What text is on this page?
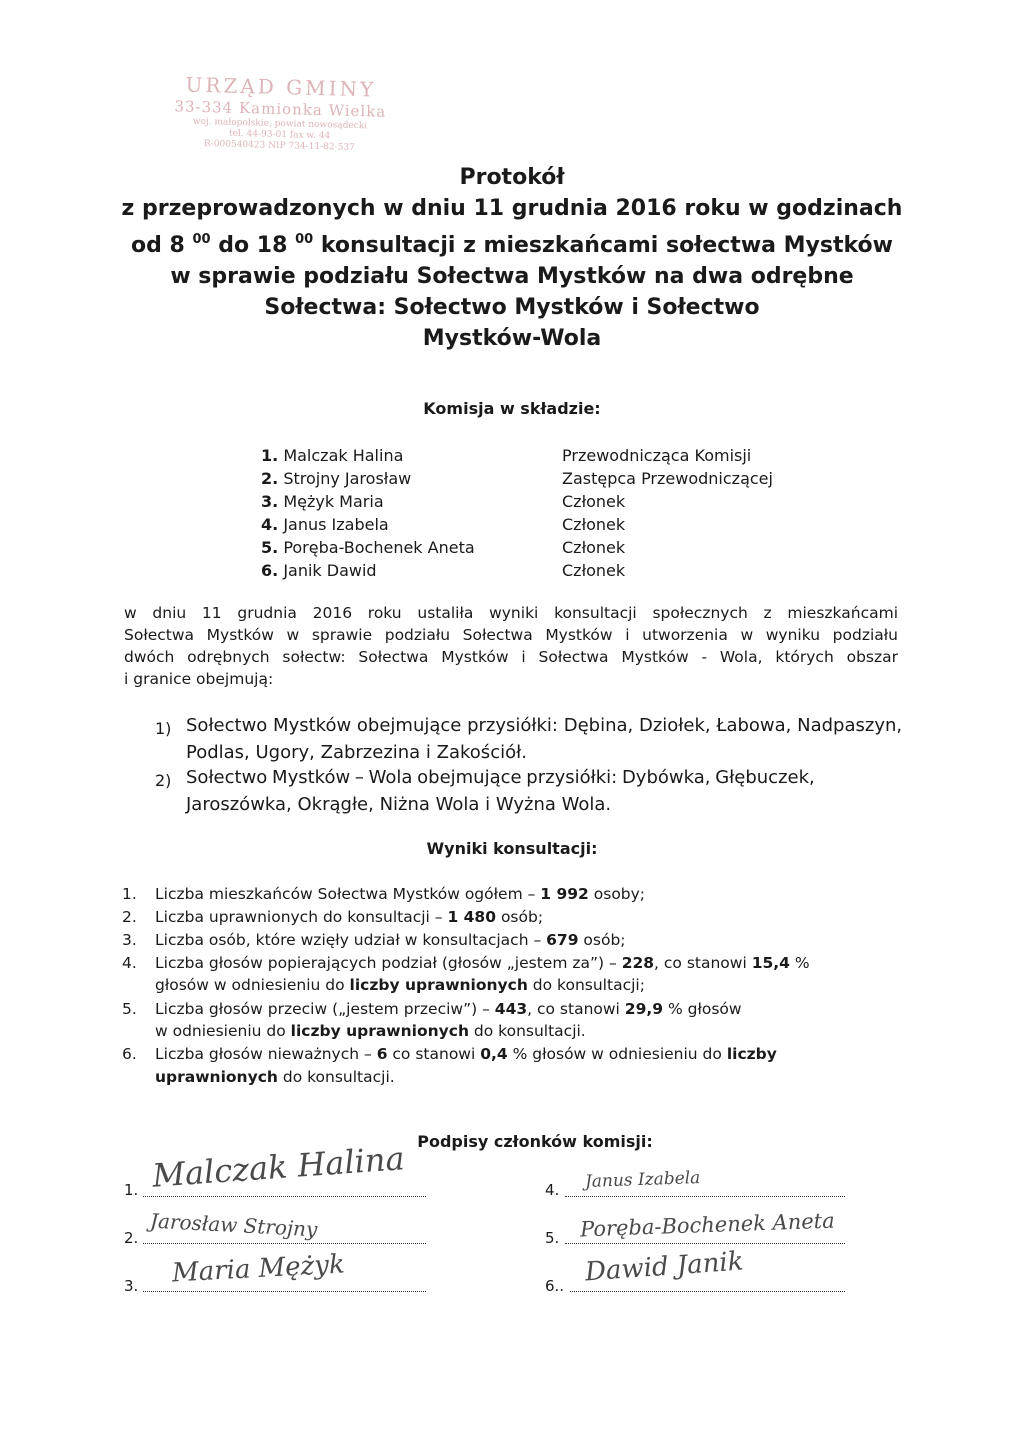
URZĄD GMINY
33-334 Kamionka Wielka
woj. małopolskie, powiat nowosądecki
tel. 44-93-01 fax w. 44
R-000540423 NIP 734-11-82-537
Protokół
z przeprowadzonych w dniu 11 grudnia 2016 roku w godzinach
od 8 $^{00}$ do 18 $^{00}$ konsultacji z mieszkańcami sołectwa Mystków
w sprawie podziału Sołectwa Mystków na dwa odrębne
Sołectwa: Sołectwo Mystków i Sołectwo
Mystków-Wola
Komisja w składzie:
1. Malczak Halina	Przewodnicząca Komisji
2. Strojny Jarosław	Zastępca Przewodniczącej
3. Mężyk Maria	Członek
4. Janus Izabela	Członek
5. Poręba-Bochenek Aneta	Członek
6. Janik Dawid	Członek
w dniu 11 grudnia 2016 roku ustaliła wyniki konsultacji społecznych z mieszkańcami
Sołectwa Mystków w sprawie podziału Sołectwa Mystków i utworzenia w wyniku podziału
dwóch odrębnych sołectw: Sołectwa Mystków i Sołectwa Mystków - Wola, których obszar
i granice obejmują:
1) Sołectwo Mystków obejmujące przysiółki: Dębina, Dziołek, Łabowa, Nadpaszyn,
Podlas, Ugory, Zabrzezina i Zakościół.
2) Sołectwo Mystków – Wola obejmujące przysiółki: Dybówka, Głębuczek,
Jaroszówka, Okrągłe, Niżna Wola i Wyżna Wola.
Wyniki konsultacji:
1. Liczba mieszkańców Sołectwa Mystków ogółem – 1 992 osoby;
2. Liczba uprawnionych do konsultacji – 1 480 osób;
3. Liczba osób, które wzięły udział w konsultacjach – 679 osób;
4. Liczba głosów popierających podział (głosów „jestem za”) – 228, co stanowi 15,4 %
głosów w odniesieniu do liczby uprawnionych do konsultacji;
5. Liczba głosów przeciw („jestem przeciw”) – 443, co stanowi 29,9 % głosów
w odniesieniu do liczby uprawnionych do konsultacji.
6. Liczba głosów nieważnych – 6 co stanowi 0,4 % głosów w odniesieniu do liczby
uprawnionych do konsultacji.
Podpisy członków komisji:
1. Malczak Halina
2. Jarosław Strojny
3. Maria Mężyk
4. Janus Izabela
5. Poręba-Bochenek Aneta
6.. Dawid Janik
